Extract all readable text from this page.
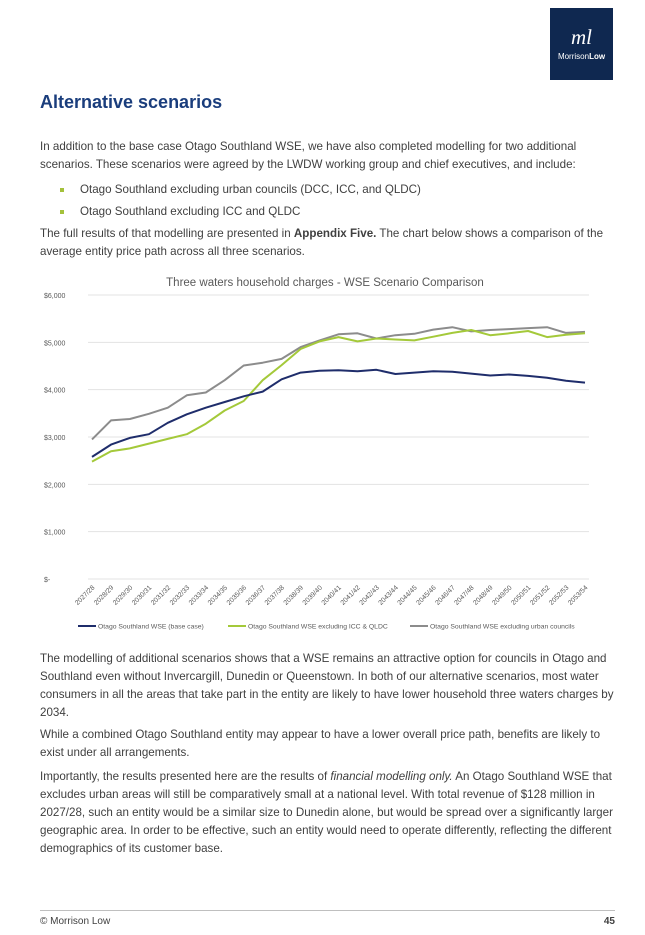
ml
MorrisonLow
Alternative scenarios

In addition to the base case Otago Southland WSE, we have also completed modelling for two additional scenarios. These scenarios were agreed by the LWDW working group and chief executives, and include:

Otago Southland excluding urban councils (DCC, ICC, and QLDC)
Otago Southland excluding ICC and QLDC

The full results of that modelling are presented in Appendix Five. The chart below shows a comparison of the average entity price path across all three scenarios.

Three waters household charges - WSE Scenario Comparison
$-
$1,000
$2,000
$3,000
$4,000
$5,000
$6,000
2027/28
2028/29
2029/30
2030/31
2031/32
2032/33
2033/34
2034/35
2035/36
2036/37
2037/38
2038/39
2039/40
2040/41
2041/42
2042/43
2043/44
2044/45
2045/46
2046/47
2047/48
2048/49
2049/50
2050/51
2051/52
2052/53
2053/54
Otago Southland WSE (base case)	Otago Southland WSE excluding ICC & QLDC	Otago Southland WSE excluding urban councils

The modelling of additional scenarios shows that a WSE remains an attractive option for councils in Otago and Southland even without Invercargill, Dunedin or Queenstown. In both of our alternative scenarios, most water consumers in all the areas that take part in the entity are likely to have lower household three waters charges by 2034.

While a combined Otago Southland entity may appear to have a lower overall price path, benefits are likely to exist under all arrangements.

Importantly, the results presented here are the results of financial modelling only. An Otago Southland WSE that excludes urban areas will still be comparatively small at a national level. With total revenue of $128 million in 2027/28, such an entity would be a similar size to Dunedin alone, but would be spread over a significantly larger geographic area. In order to be effective, such an entity would need to operate differently, reflecting the different demographics of its customer base.

© Morrison Low	45
